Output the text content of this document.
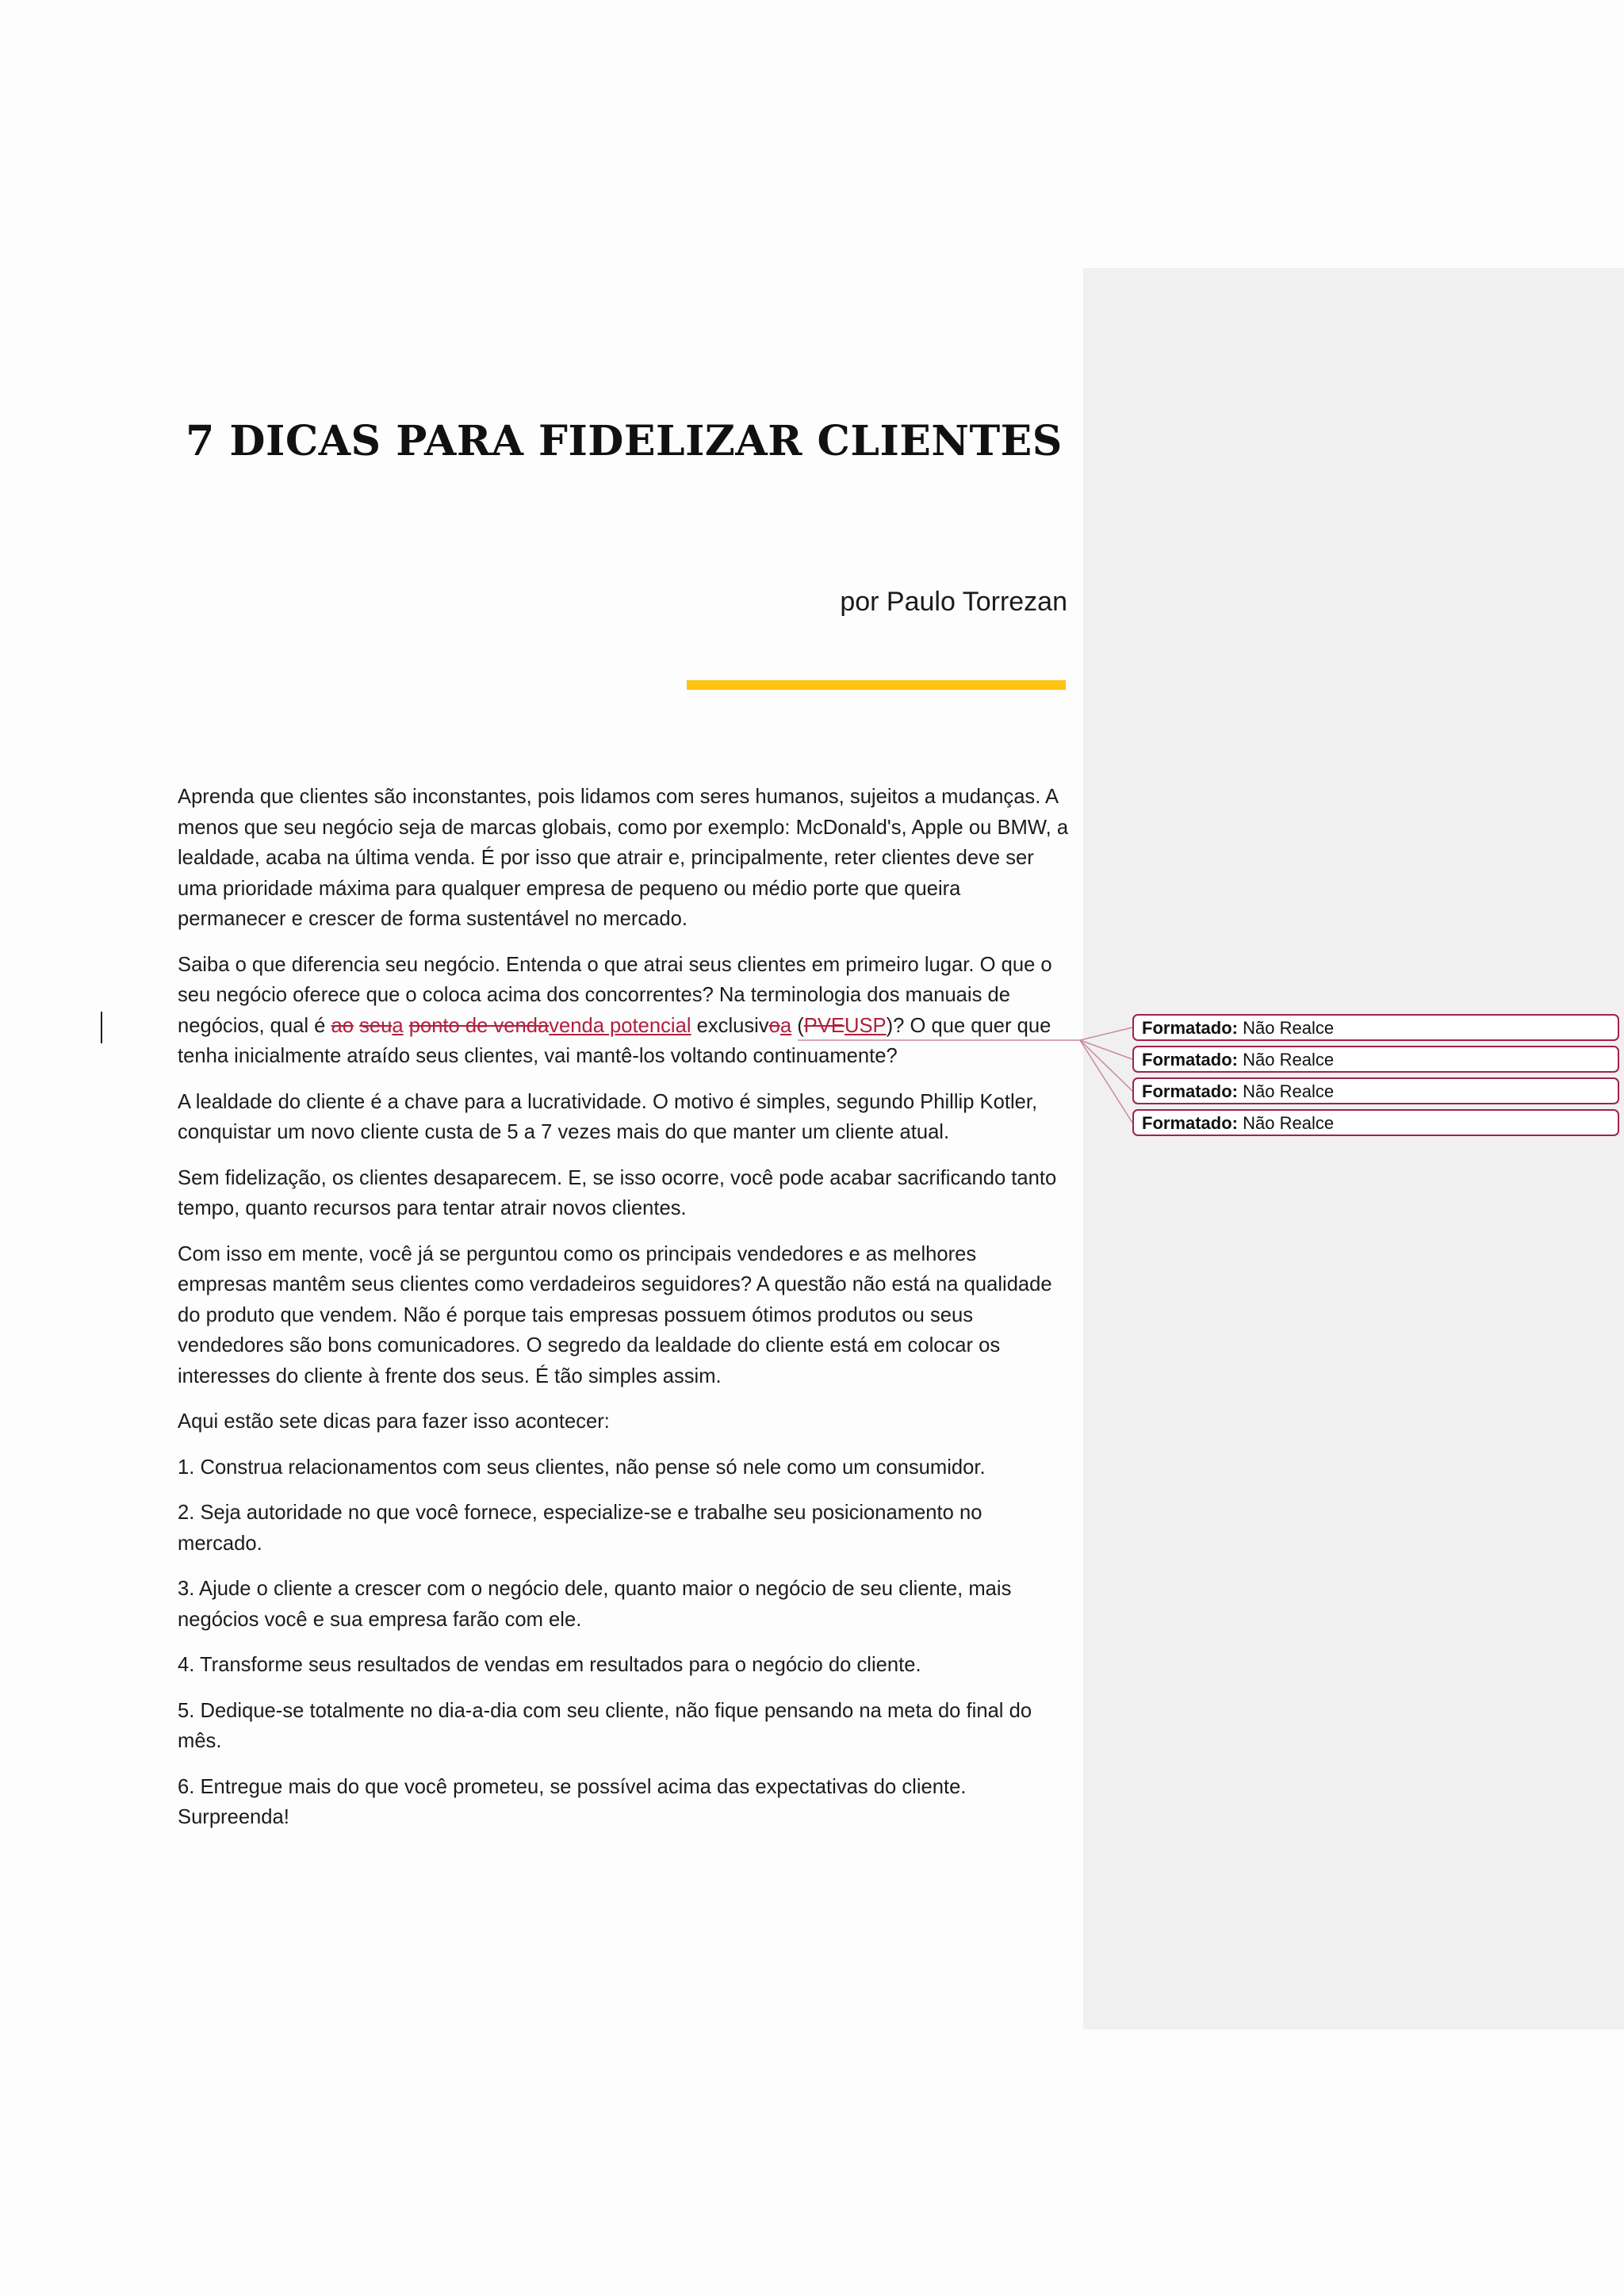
7 DICAS PARA FIDELIZAR CLIENTES
por Paulo Torrezan

Aprenda que clientes são inconstantes, pois lidamos com seres humanos, sujeitos a mudanças. A menos que seu negócio seja de marcas globais, como por exemplo: McDonald's, Apple ou BMW, a lealdade, acaba na última venda. É por isso que atrair e, principalmente, reter clientes deve ser uma prioridade máxima para qualquer empresa de pequeno ou médio porte que queira permanecer e crescer de forma sustentável no mercado.

Saiba o que diferencia seu negócio. Entenda o que atrai seus clientes em primeiro lugar. O que o seu negócio oferece que o coloca acima dos concorrentes? Na terminologia dos manuais de negócios, qual é ao seua ponto de vendavenda potencial exclusivoa (PVEUSP)? O que quer que tenha inicialmente atraído seus clientes, vai mantê-los voltando continuamente?

A lealdade do cliente é a chave para a lucratividade. O motivo é simples, segundo Phillip Kotler, conquistar um novo cliente custa de 5 a 7 vezes mais do que manter um cliente atual.

Sem fidelização, os clientes desaparecem. E, se isso ocorre, você pode acabar sacrificando tanto tempo, quanto recursos para tentar atrair novos clientes.

Com isso em mente, você já se perguntou como os principais vendedores e as melhores empresas mantêm seus clientes como verdadeiros seguidores? A questão não está na qualidade do produto que vendem. Não é porque tais empresas possuem ótimos produtos ou seus vendedores são bons comunicadores. O segredo da lealdade do cliente está em colocar os interesses do cliente à frente dos seus. É tão simples assim.

Aqui estão sete dicas para fazer isso acontecer:

1. Construa relacionamentos com seus clientes, não pense só nele como um consumidor.

2. Seja autoridade no que você fornece, especialize-se e trabalhe seu posicionamento no mercado.

3. Ajude o cliente a crescer com o negócio dele, quanto maior o negócio de seu cliente, mais negócios você e sua empresa farão com ele.

4. Transforme seus resultados de vendas em resultados para o negócio do cliente.

5. Dedique-se totalmente no dia-a-dia com seu cliente, não fique pensando na meta do final do mês.

6. Entregue mais do que você prometeu, se possível acima das expectativas do cliente. Surpreenda!

Formatado: Não Realce
Formatado: Não Realce
Formatado: Não Realce
Formatado: Não Realce
